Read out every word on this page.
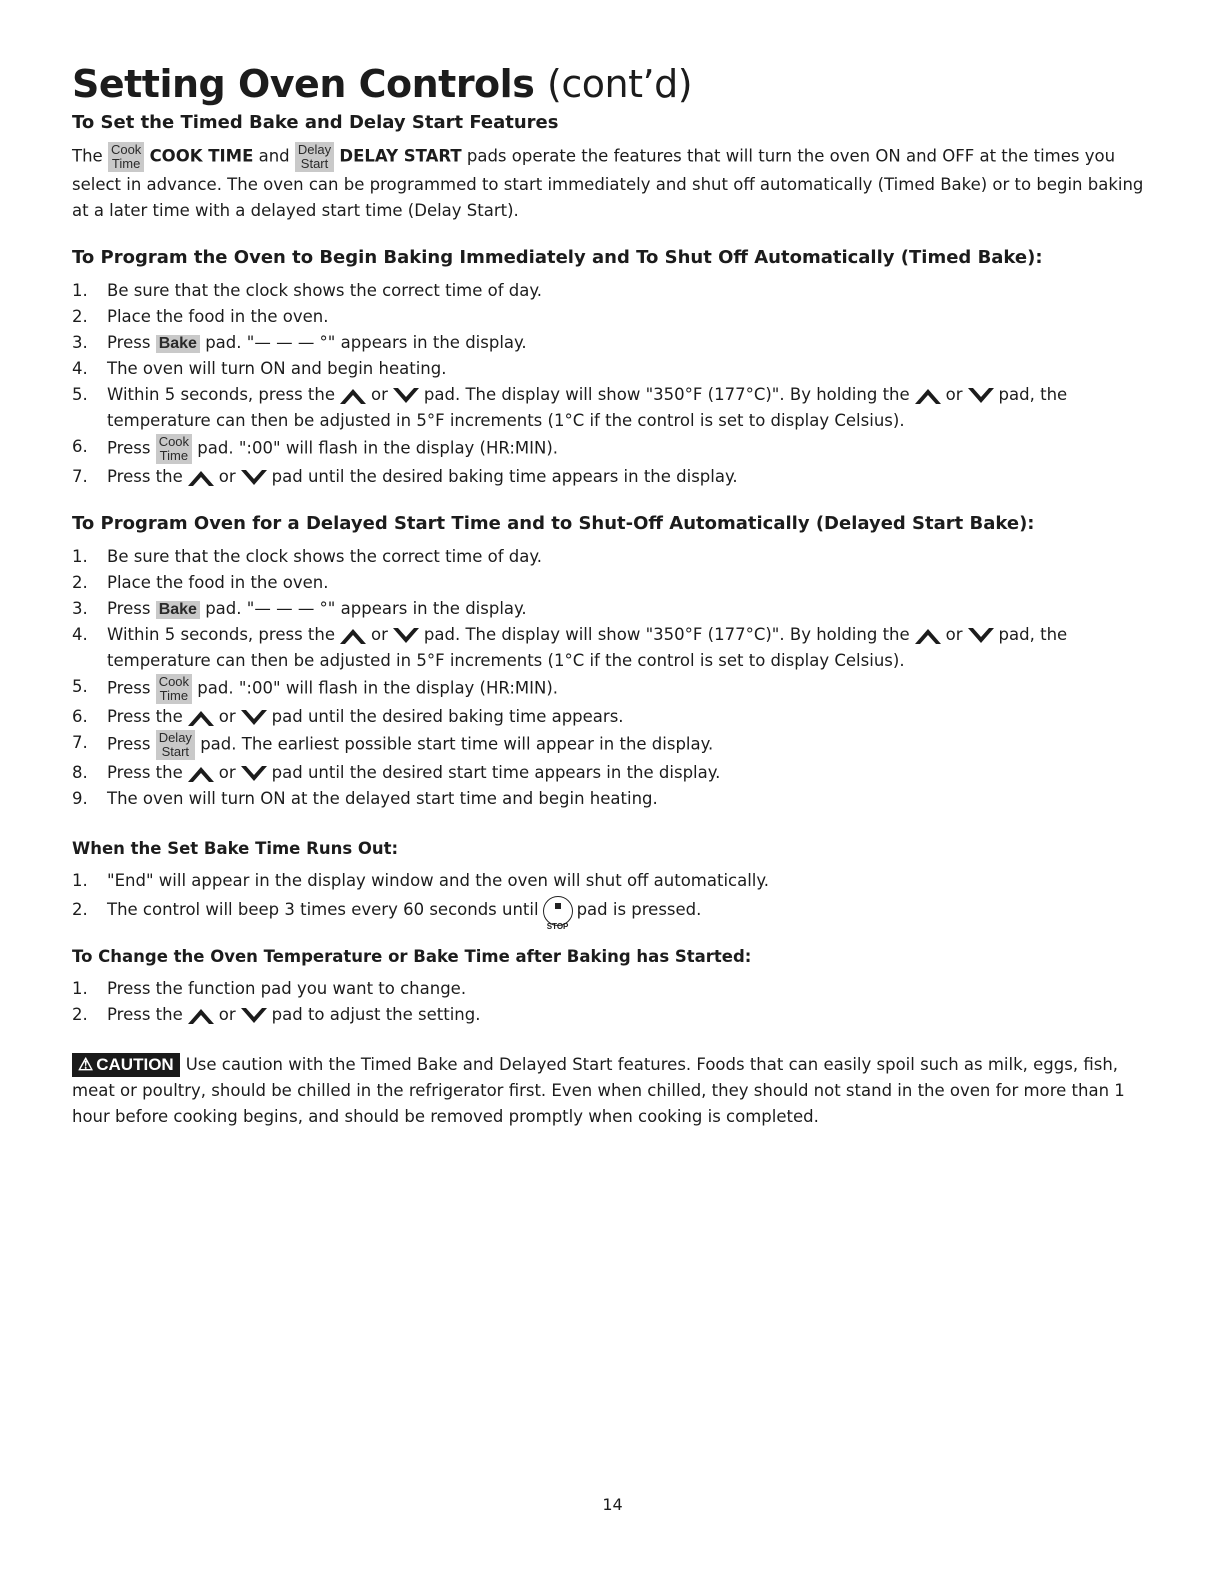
Setting Oven Controls (cont’d)
To Set the Timed Bake and Delay Start Features

The Cook
Time COOK TIME and Delay
Start DELAY START pads operate the features that will turn the oven ON and OFF at the times you select in advance. The oven can be programmed to start immediately and shut off automatically (Timed Bake) or to begin baking at a later time with a delayed start time (Delay Start).

To Program the Oven to Begin Baking Immediately and To Shut Off Automatically (Timed Bake):
1. Be sure that the clock shows the correct time of day.
2. Place the food in the oven.
3. Press Bake pad. "— — — °" appears in the display.
4. The oven will turn ON and begin heating.
5. Within 5 seconds, press the or pad. The display will show "350°F (177°C)". By holding the or pad, the temperature can then be adjusted in 5°F increments (1°C if the control is set to display Celsius).
6. Press Cook
Time pad. ":00" will flash in the display (HR:MIN).
7. Press the or pad until the desired baking time appears in the display.
To Program Oven for a Delayed Start Time and to Shut-Off Automatically (Delayed Start Bake):
1. Be sure that the clock shows the correct time of day.
2. Place the food in the oven.
3. Press Bake pad. "— — — °" appears in the display.
4. Within 5 seconds, press the or pad. The display will show "350°F (177°C)". By holding the or pad, the temperature can then be adjusted in 5°F increments (1°C if the control is set to display Celsius).
5. Press Cook
Time pad. ":00" will flash in the display (HR:MIN).
6. Press the or pad until the desired baking time appears.
7. Press Delay
Start pad. The earliest possible start time will appear in the display.
8. Press the or pad until the desired start time appears in the display.
9. The oven will turn ON at the delayed start time and begin heating.
When the Set Bake Time Runs Out:
1. "End" will appear in the display window and the oven will shut off automatically.
2. The control will beep 3 times every 60 seconds until
STOP
pad is pressed.
To Change the Oven Temperature or Bake Time after Baking has Started:
1. Press the function pad you want to change.
2. Press the or pad to adjust the setting.

⚠ CAUTION Use caution with the Timed Bake and Delayed Start features. Foods that can easily spoil such as milk, eggs, fish, meat or poultry, should be chilled in the refrigerator first. Even when chilled, they should not stand in the oven for more than 1 hour before cooking begins, and should be removed promptly when cooking is completed.

14
